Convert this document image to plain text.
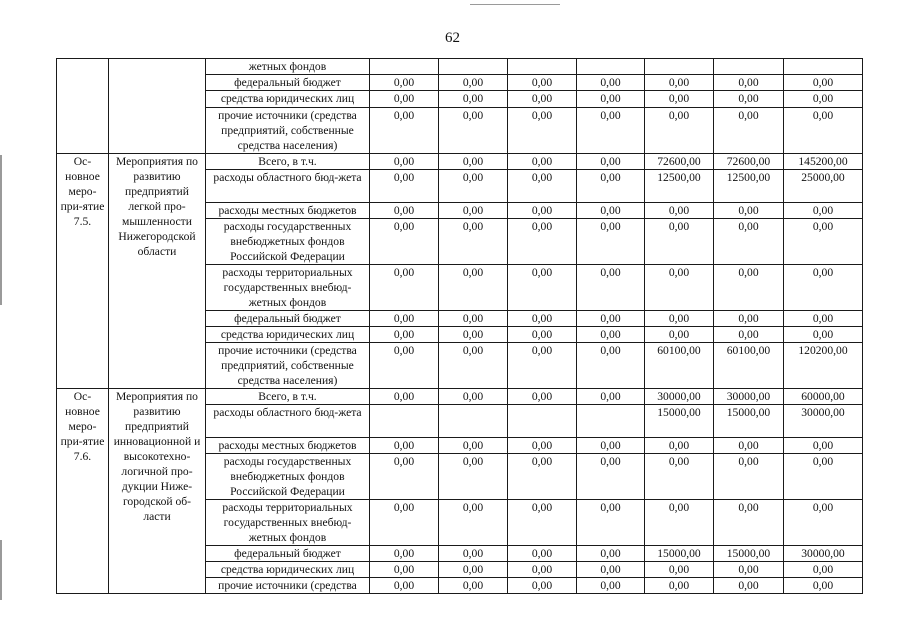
62
		жетных фондов							
		федеральный бюджет	0,00	0,00	0,00	0,00	0,00	0,00	0,00
		средства юридических лиц	0,00	0,00	0,00	0,00	0,00	0,00	0,00
		прочие источники (средства предприятий, собственные средства населения)	0,00	0,00	0,00	0,00	0,00	0,00	0,00
Ос-новное меро-при-ятие 7.5.	Мероприятия по развитию предприятий легкой про-мышленности Нижегородской области	Всего, в т.ч.	0,00	0,00	0,00	0,00	72600,00	72600,00	145200,00
		расходы областного бюд-жета	0,00	0,00	0,00	0,00	12500,00	12500,00	25000,00
		расходы местных бюджетов	0,00	0,00	0,00	0,00	0,00	0,00	0,00
		расходы государственных внебюджетных фондов Российской Федерации	0,00	0,00	0,00	0,00	0,00	0,00	0,00
		расходы территориальных государственных внебюд-жетных фондов	0,00	0,00	0,00	0,00	0,00	0,00	0,00
		федеральный бюджет	0,00	0,00	0,00	0,00	0,00	0,00	0,00
		средства юридических лиц	0,00	0,00	0,00	0,00	0,00	0,00	0,00
		прочие источники (средства предприятий, собственные средства населения)	0,00	0,00	0,00	0,00	60100,00	60100,00	120200,00
Ос-новное меро-при-ятие 7.6.	Мероприятия по развитию предприятий инновационной и высокотехно-логичной про-дукции Ниже-городской об-ласти	Всего, в т.ч.	0,00	0,00	0,00	0,00	30000,00	30000,00	60000,00
		расходы областного бюд-жета					15000,00	15000,00	30000,00
		расходы местных бюджетов	0,00	0,00	0,00	0,00	0,00	0,00	0,00
		расходы государственных внебюджетных фондов Российской Федерации	0,00	0,00	0,00	0,00	0,00	0,00	0,00
		расходы территориальных государственных внебюд-жетных фондов	0,00	0,00	0,00	0,00	0,00	0,00	0,00
		федеральный бюджет	0,00	0,00	0,00	0,00	15000,00	15000,00	30000,00
		средства юридических лиц	0,00	0,00	0,00	0,00	0,00	0,00	0,00
		прочие источники (средства	0,00	0,00	0,00	0,00	0,00	0,00	0,00
